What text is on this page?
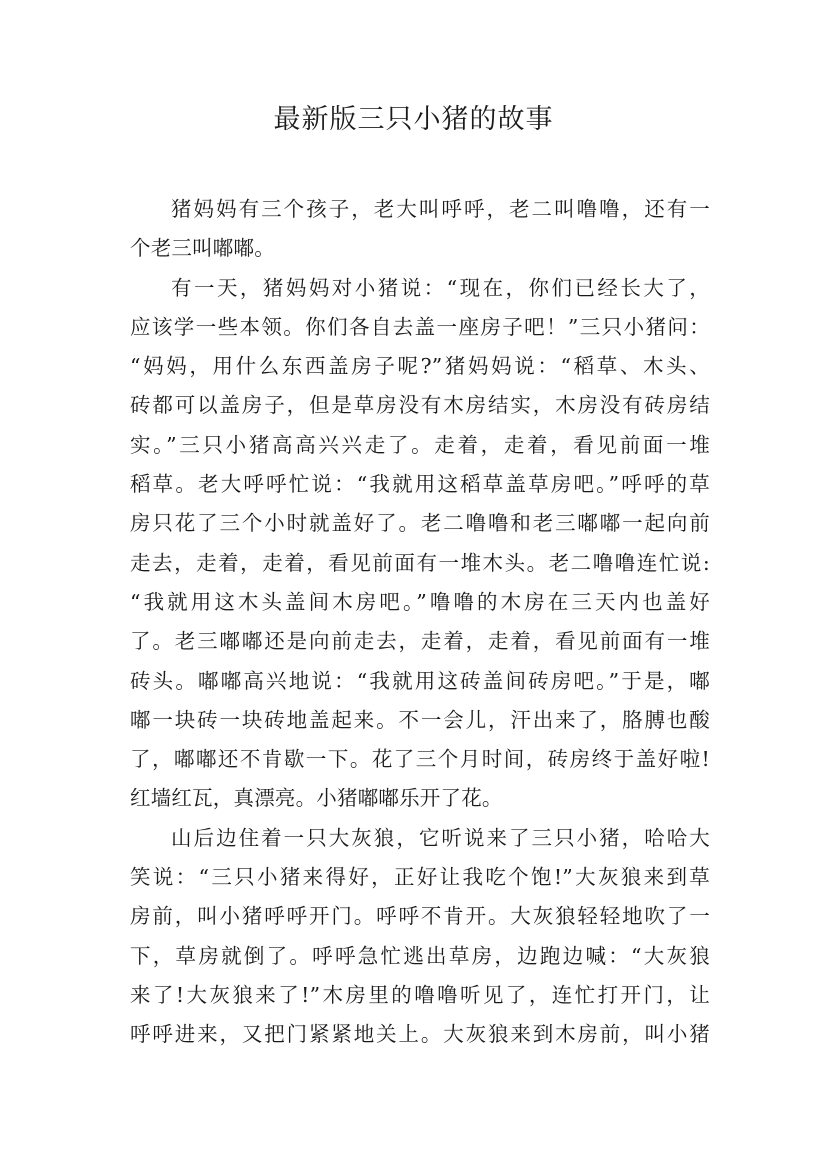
最新版三只小猪的故事
猪妈妈有三个孩子，老大叫呼呼，老二叫噜噜，还有一
个老三叫嘟嘟。
有一天，猪妈妈对小猪说：“现在，你们已经长大了，
应该学一些本领。你们各自去盖一座房子吧！”三只小猪问：
“妈妈，用什么东西盖房子呢?”猪妈妈说：“稻草、木头、
砖都可以盖房子，但是草房没有木房结实，木房没有砖房结
实。”三只小猪高高兴兴走了。走着，走着，看见前面一堆
稻草。老大呼呼忙说：“我就用这稻草盖草房吧。”呼呼的草
房只花了三个小时就盖好了。老二噜噜和老三嘟嘟一起向前
走去，走着，走着，看见前面有一堆木头。老二噜噜连忙说:
“我就用这木头盖间木房吧。”噜噜的木房在三天内也盖好
了。老三嘟嘟还是向前走去，走着，走着，看见前面有一堆
砖头。嘟嘟高兴地说：“我就用这砖盖间砖房吧。”于是，嘟
嘟一块砖一块砖地盖起来。不一会儿，汗出来了，胳膊也酸
了，嘟嘟还不肯歇一下。花了三个月时间，砖房终于盖好啦!
红墙红瓦，真漂亮。小猪嘟嘟乐开了花。
山后边住着一只大灰狼，它听说来了三只小猪，哈哈大
笑说：“三只小猪来得好，正好让我吃个饱!”大灰狼来到草
房前，叫小猪呼呼开门。呼呼不肯开。大灰狼轻轻地吹了一
下，草房就倒了。呼呼急忙逃出草房，边跑边喊：“大灰狼
来了!大灰狼来了!”木房里的噜噜听见了，连忙打开门，让
呼呼进来，又把门紧紧地关上。大灰狼来到木房前，叫小猪
